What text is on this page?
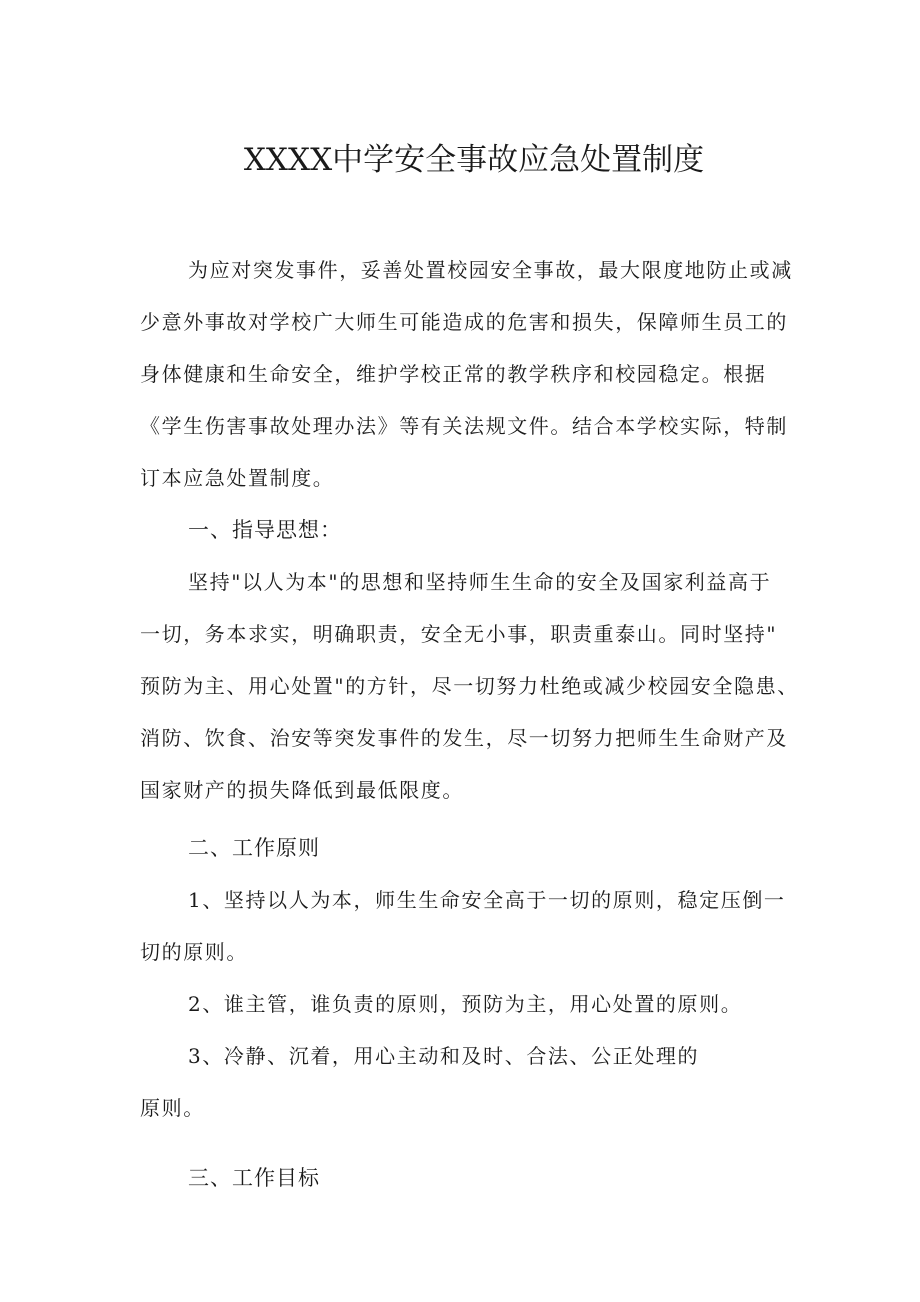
XXXX中学安全事故应急处置制度
为应对突发事件，妥善处置校园安全事故，最大限度地防止或减
少意外事故对学校广大师生可能造成的危害和损失，保障师生员工的
身体健康和生命安全，维护学校正常的教学秩序和校园稳定。根据
《学生伤害事故处理办法》等有关法规文件。结合本学校实际，特制
订本应急处置制度。
一、指导思想：
坚持"以人为本"的思想和坚持师生生命的安全及国家利益高于
一切，务本求实，明确职责，安全无小事，职责重泰山。同时坚持"
预防为主、用心处置"的方针，尽一切努力杜绝或减少校园安全隐患、
消防、饮食、治安等突发事件的发生，尽一切努力把师生生命财产及
国家财产的损失降低到最低限度。
二、工作原则
1、坚持以人为本，师生生命安全高于一切的原则，稳定压倒一
切的原则。
2、谁主管，谁负责的原则，预防为主，用心处置的原则。
3、冷静、沉着，用心主动和及时、合法、公正处理的
原则。
三、工作目标
